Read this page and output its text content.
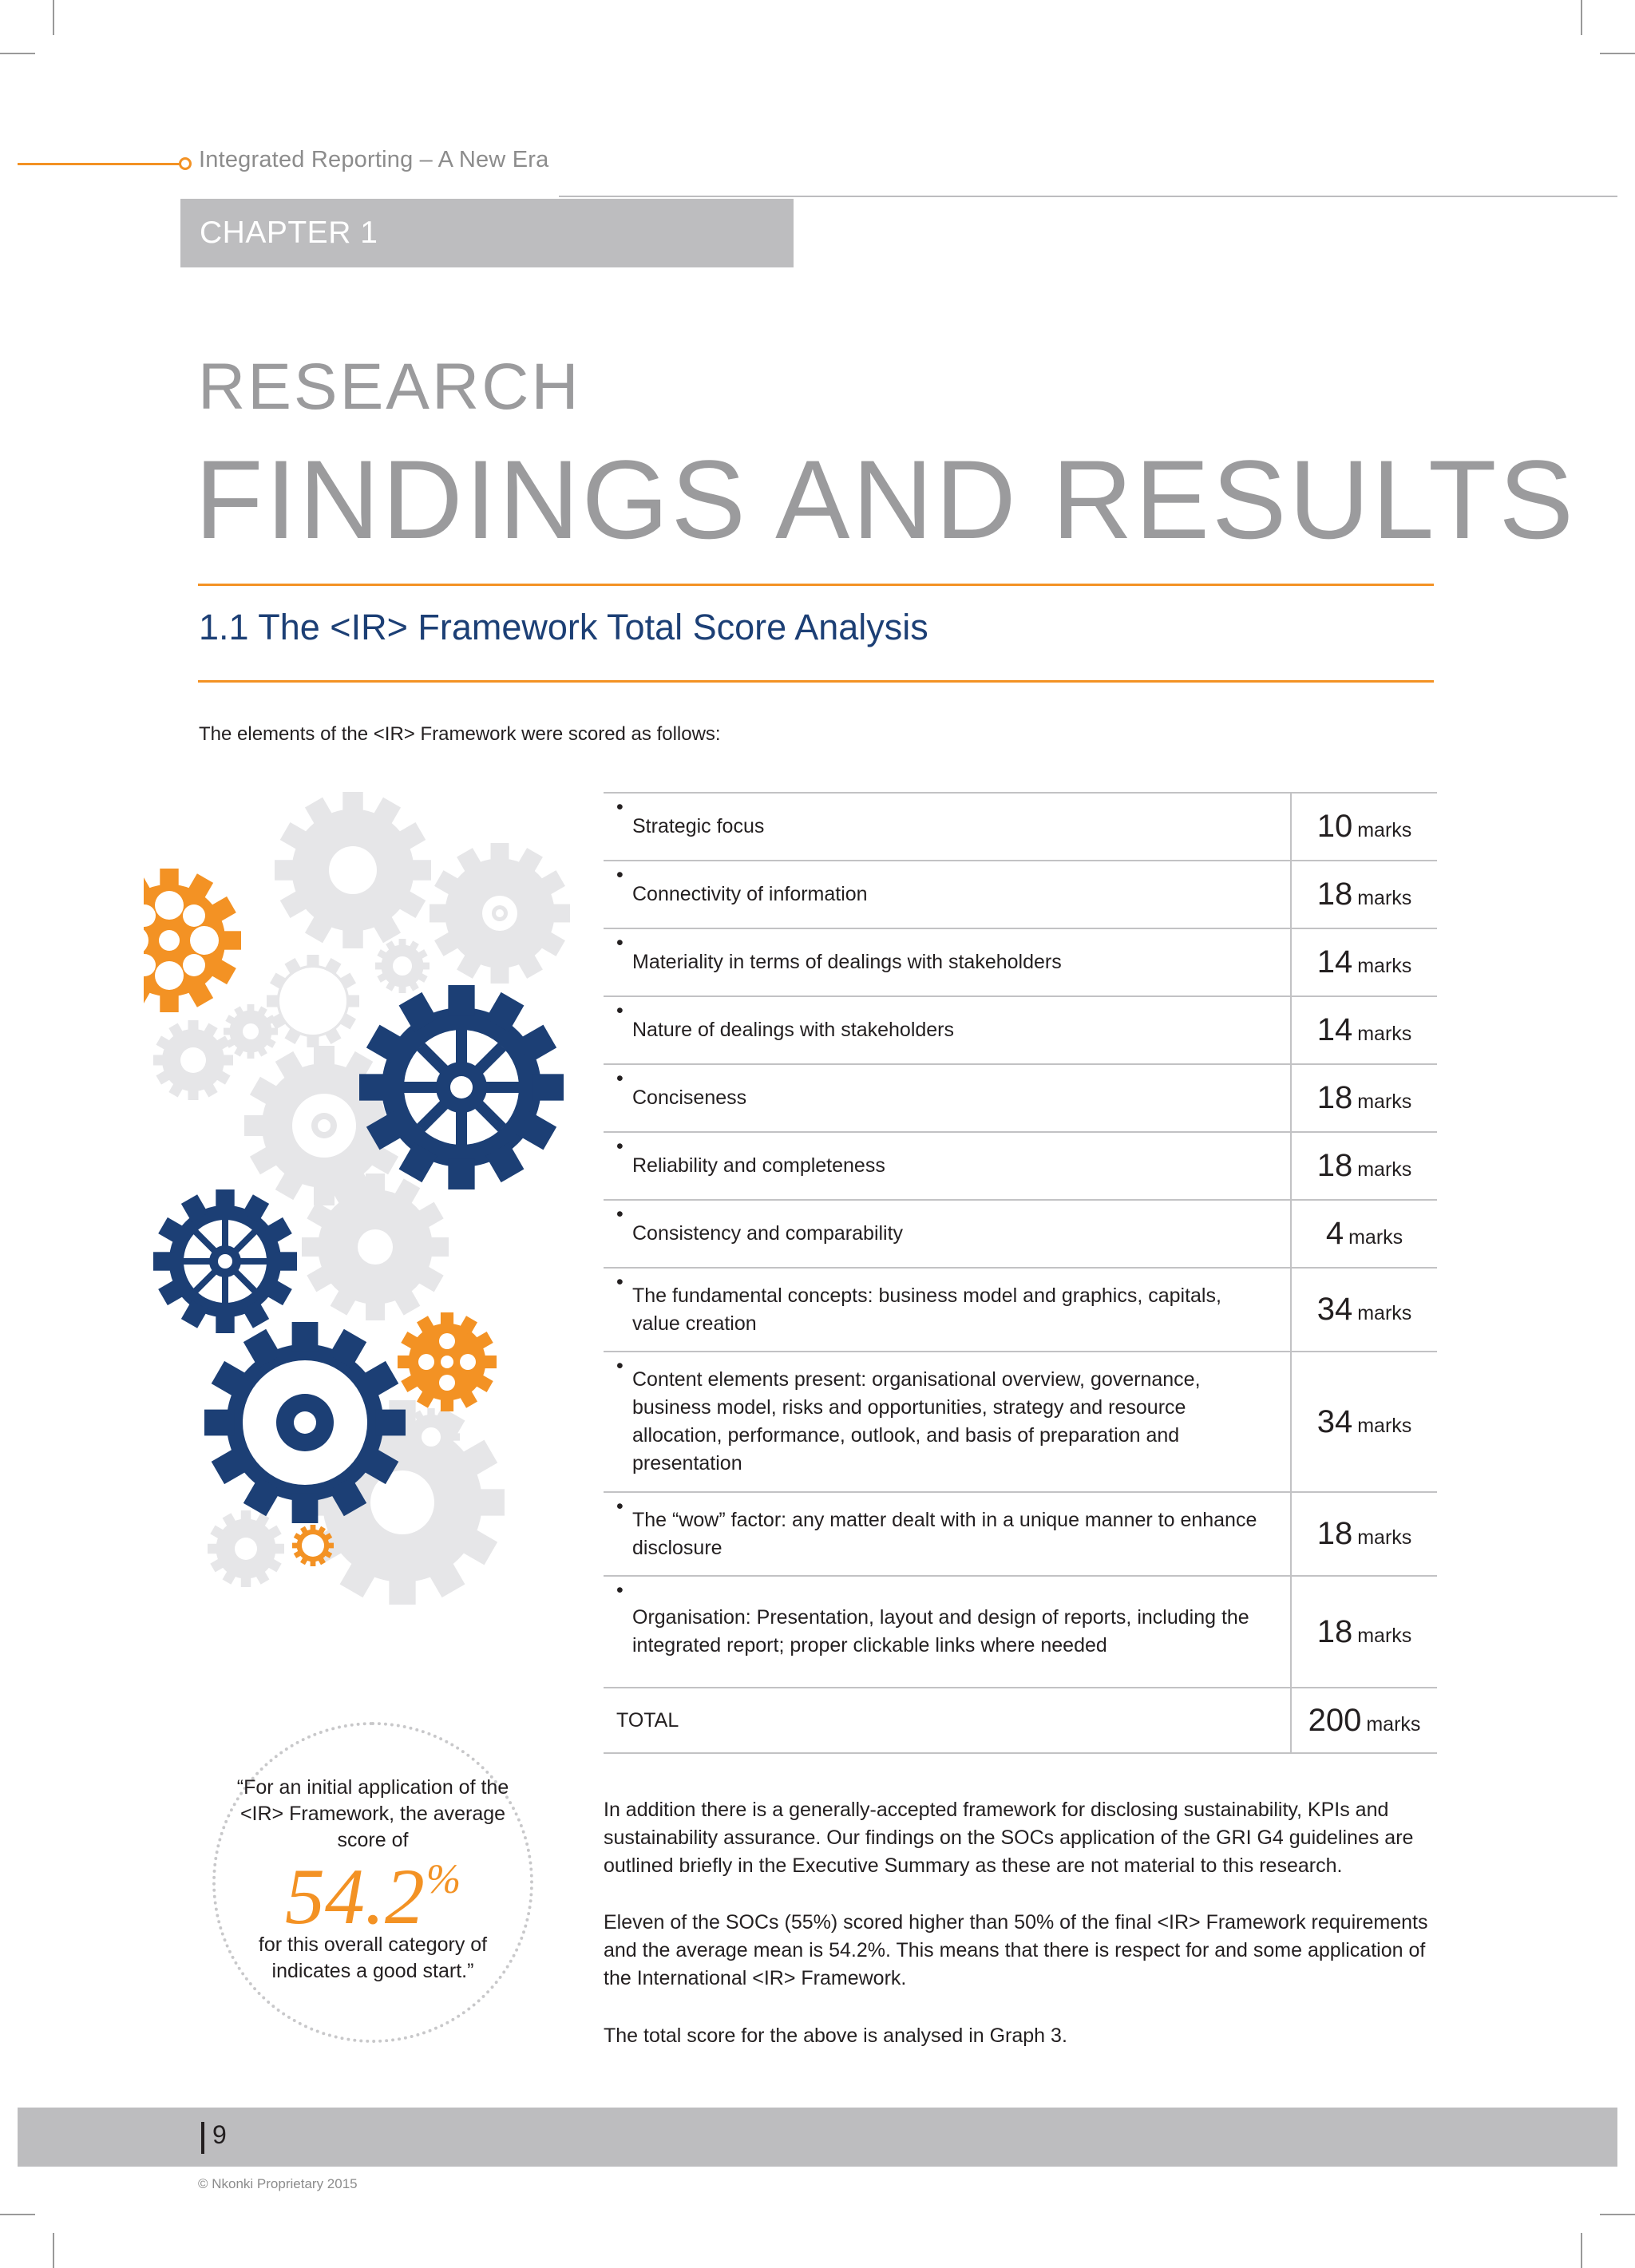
Integrated Reporting – A New Era
CHAPTER 1
RESEARCH
FINDINGS AND RESULTS
1.1 The <IR> Framework Total Score Analysis
The elements of the <IR> Framework were scored as follows:
•
Strategic focus	10 marks
•
Connectivity of information	18 marks
•
Materiality in terms of dealings with stakeholders	14 marks
•
Nature of dealings with stakeholders	14 marks
•
Conciseness	18 marks
•
Reliability and completeness	18 marks
•
Consistency and comparability	4 marks
•
The fundamental concepts: business model and graphics, capitals, value creation	34 marks
•
Content elements present: organisational overview, governance, business model, risks and opportunities, strategy and resource allocation, performance, outlook, and basis of preparation and presentation
34 marks
•
The “wow” factor: any matter dealt with in a unique manner to enhance disclosure	18 marks
•
Organisation: Presentation, layout and design of reports, including the integrated report; proper clickable links where needed	18 marks
TOTAL	200 marks
“For an initial application of the <IR> Framework, the average score of
54.2%
for this overall category of indicates a good start.”
In addition there is a generally-accepted framework for disclosing sustainability, KPIs and sustainability assurance. Our findings on the SOCs application of the GRI G4 guidelines are outlined briefly in the Executive Summary as these are not material to this research.
Eleven of the SOCs (55%) scored higher than 50% of the final <IR> Framework requirements and the average mean is 54.2%. This means that there is respect for and some application of the International <IR> Framework.
The total score for the above is analysed in Graph 3.
9
© Nkonki Proprietary 2015
